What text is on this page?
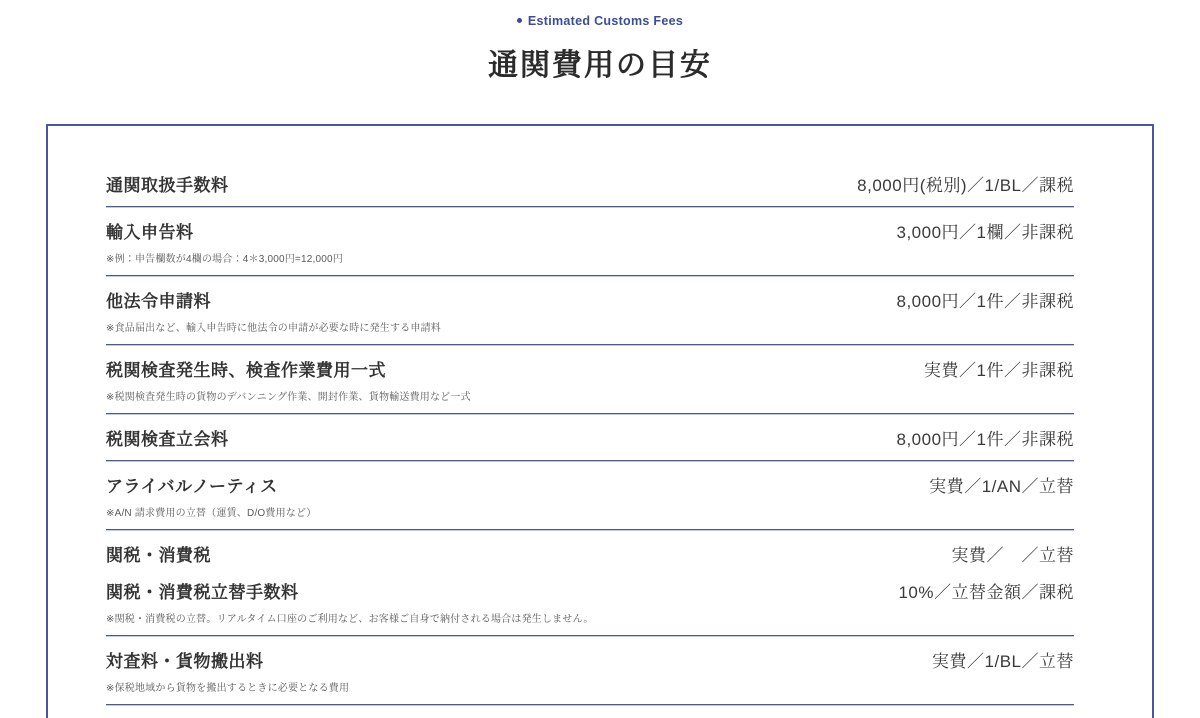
Estimated Customs Fees
通関費用の目安
通関取扱手数料	8,000円(税別)／1/BL／課税
輸入申告料	3,000円／1欄／非課税
※例：申告欄数が4欄の場合：4＊3,000円=12,000円
他法令申請料	8,000円／1件／非課税
※食品届出など、輸入申告時に他法令の申請が必要な時に発生する申請料
税関検査発生時、検査作業費用一式	実費／1件／非課税
※税関検査発生時の貨物のデバンニング作業、開封作業、貨物輸送費用など一式
税関検査立会料	8,000円／1件／非課税
アライバルノーティス	実費／1/AN／立替
※A/N 請求費用の立替（運賃、D/O費用など）
関税・消費税	実費／　／立替
関税・消費税立替手数料	10%／立替金額／課税
※関税・消費税の立替。リアルタイム口座のご利用など、お客様ご自身で納付される場合は発生しません。
対査料・貨物搬出料	実費／1/BL／立替
※保税地域から貨物を搬出するときに必要となる費用
